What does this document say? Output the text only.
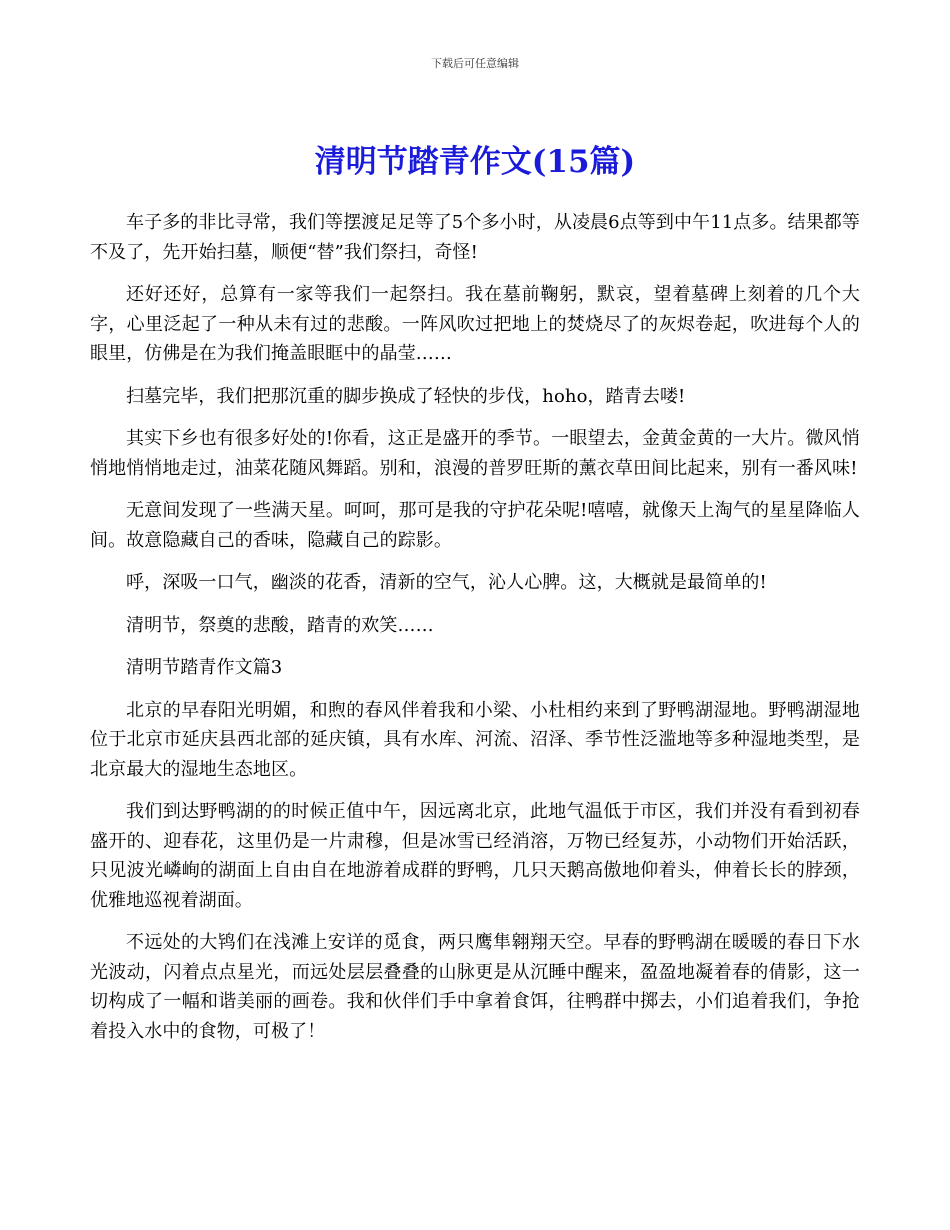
下载后可任意编辑
清明节踏青作文(15篇)

车子多的非比寻常，我们等摆渡足足等了5个多小时，从凌晨6点等到中午11点多。结果都等不及了，先开始扫墓，顺便“替”我们祭扫，奇怪!

还好还好，总算有一家等我们一起祭扫。我在墓前鞠躬，默哀，望着墓碑上刻着的几个大字，心里泛起了一种从未有过的悲酸。一阵风吹过把地上的焚烧尽了的灰烬卷起，吹进每个人的眼里，仿佛是在为我们掩盖眼眶中的晶莹……

扫墓完毕，我们把那沉重的脚步换成了轻快的步伐，hoho，踏青去喽!

其实下乡也有很多好处的!你看，这正是盛开的季节。一眼望去，金黄金黄的一大片。微风悄悄地悄悄地走过，油菜花随风舞蹈。别和，浪漫的普罗旺斯的薰衣草田间比起来，别有一番风味!

无意间发现了一些满天星。呵呵，那可是我的守护花朵呢!嘻嘻，就像天上淘气的星星降临人间。故意隐藏自己的香味，隐藏自己的踪影。

呼，深吸一口气，幽淡的花香，清新的空气，沁人心脾。这，大概就是最简单的!

清明节，祭奠的悲酸，踏青的欢笑……

清明节踏青作文篇3

北京的早春阳光明媚，和煦的春风伴着我和小梁、小杜相约来到了野鸭湖湿地。野鸭湖湿地位于北京市延庆县西北部的延庆镇，具有水库、河流、沼泽、季节性泛滥地等多种湿地类型，是北京最大的湿地生态地区。

我们到达野鸭湖的的时候正值中午，因远离北京，此地气温低于市区，我们并没有看到初春盛开的、迎春花，这里仍是一片肃穆，但是冰雪已经消溶，万物已经复苏，小动物们开始活跃，只见波光嶙峋的湖面上自由自在地游着成群的野鸭，几只天鹅高傲地仰着头，伸着长长的脖颈，优雅地巡视着湖面。

不远处的大鸨们在浅滩上安详的觅食，两只鹰隼翱翔天空。早春的野鸭湖在暖暖的春日下水光波动，闪着点点星光，而远处层层叠叠的山脉更是从沉睡中醒来，盈盈地凝着春的倩影，这一切构成了一幅和谐美丽的画卷。我和伙伴们手中拿着食饵，往鸭群中掷去，小们追着我们，争抢着投入水中的食物，可极了！
